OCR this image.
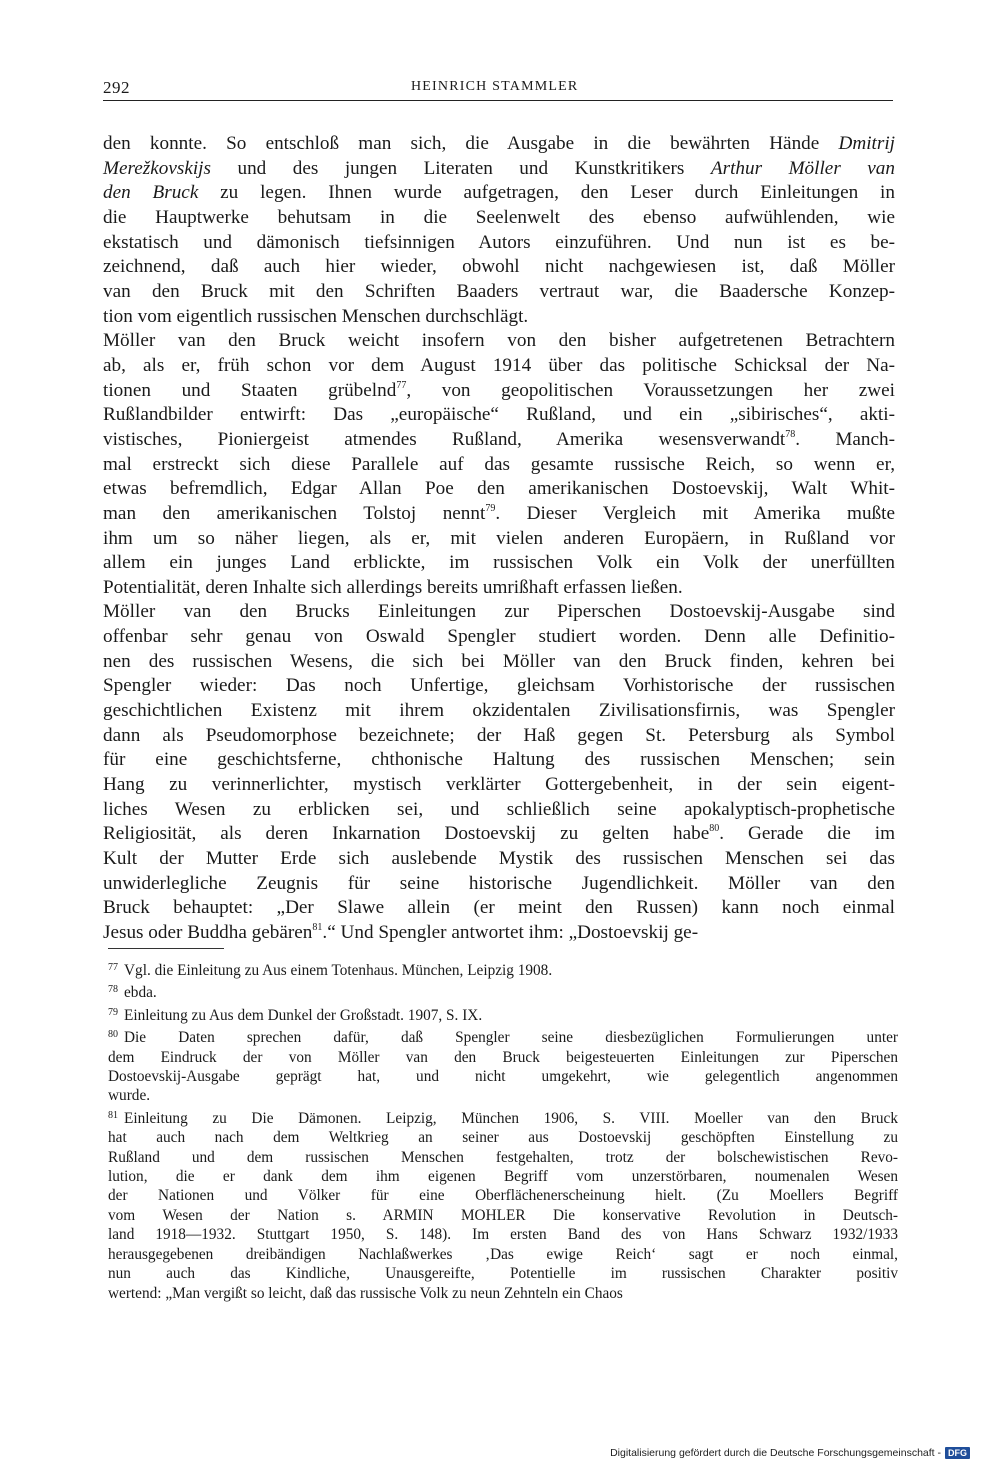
292	HEINRICH STAMMLER
den konnte. So entschloß man sich, die Ausgabe in die bewährten Hände Dmitrij
Merežkovskijs und des jungen Literaten und Kunstkritikers Arthur Möller van
den Bruck zu legen. Ihnen wurde aufgetragen, den Leser durch Einleitungen in
die Hauptwerke behutsam in die Seelenwelt des ebenso aufwühlenden, wie
ekstatisch und dämonisch tiefsinnigen Autors einzuführen. Und nun ist es be-
zeichnend, daß auch hier wieder, obwohl nicht nachgewiesen ist, daß Möller
van den Bruck mit den Schriften Baaders vertraut war, die Baadersche Konzep-
tion vom eigentlich russischen Menschen durchschlägt.
Möller van den Bruck weicht insofern von den bisher aufgetretenen Betrachtern
ab, als er, früh schon vor dem August 1914 über das politische Schicksal der Na-
tionen und Staaten grübelnd$^{77}$, von geopolitischen Voraussetzungen her zwei
Rußlandbilder entwirft: Das „europäische“ Rußland, und ein „sibirisches“, akti-
vistisches, Pioniergeist atmendes Rußland, Amerika wesensverwandt$^{78}$. Manch-
mal erstreckt sich diese Parallele auf das gesamte russische Reich, so wenn er,
etwas befremdlich, Edgar Allan Poe den amerikanischen Dostoevskij, Walt Whit-
man den amerikanischen Tolstoj nennt$^{79}$. Dieser Vergleich mit Amerika mußte
ihm um so näher liegen, als er, mit vielen anderen Europäern, in Rußland vor
allem ein junges Land erblickte, im russischen Volk ein Volk der unerfüllten
Potentialität, deren Inhalte sich allerdings bereits umrißhaft erfassen ließen.
Möller van den Brucks Einleitungen zur Piperschen Dostoevskij-Ausgabe sind
offenbar sehr genau von Oswald Spengler studiert worden. Denn alle Definitio-
nen des russischen Wesens, die sich bei Möller van den Bruck finden, kehren bei
Spengler wieder: Das noch Unfertige, gleichsam Vorhistorische der russischen
geschichtlichen Existenz mit ihrem okzidentalen Zivilisationsfirnis, was Spengler
dann als Pseudomorphose bezeichnete; der Haß gegen St. Petersburg als Symbol
für eine geschichtsferne, chthonische Haltung des russischen Menschen; sein
Hang zu verinnerlichter, mystisch verklärter Gottergebenheit, in der sein eigent-
liches Wesen zu erblicken sei, und schließlich seine apokalyptisch-prophetische
Religiosität, als deren Inkarnation Dostoevskij zu gelten habe$^{80}$. Gerade die im
Kult der Mutter Erde sich auslebende Mystik des russischen Menschen sei das
unwiderlegliche Zeugnis für seine historische Jugendlichkeit. Möller van den
Bruck behauptet: „Der Slawe allein (er meint den Russen) kann noch einmal
Jesus oder Buddha gebären$^{81}$.“ Und Spengler antwortet ihm: „Dostoevskij ge-
$^{77}$ Vgl. die Einleitung zu Aus einem Totenhaus. München, Leipzig 1908.
$^{78}$ ebda.
$^{79}$ Einleitung zu Aus dem Dunkel der Großstadt. 1907, S. IX.
$^{80}$ Die Daten sprechen dafür, daß Spengler seine diesbezüglichen Formulierungen unter
dem Eindruck der von Möller van den Bruck beigesteuerten Einleitungen zur Piperschen
Dostoevskij-Ausgabe geprägt hat, und nicht umgekehrt, wie gelegentlich angenommen
wurde.
$^{81}$ Einleitung zu Die Dämonen. Leipzig, München 1906, S. VIII. Moeller van den Bruck
hat auch nach dem Weltkrieg an seiner aus Dostoevskij geschöpften Einstellung zu
Rußland und dem russischen Menschen festgehalten, trotz der bolschewistischen Revo-
lution, die er dank dem ihm eigenen Begriff vom unzerstörbaren, noumenalen Wesen
der Nationen und Völker für eine Oberflächenerscheinung hielt. (Zu Moellers Begriff
vom Wesen der Nation s. ARMIN MOHLER Die konservative Revolution in Deutsch-
land 1918—1932. Stuttgart 1950, S. 148). Im ersten Band des von Hans Schwarz 1932/1933
herausgegebenen dreibändigen Nachlaßwerkes ‚Das ewige Reich‘ sagt er noch einmal,
nun auch das Kindliche, Unausgereifte, Potentielle im russischen Charakter positiv
wertend: „Man vergißt so leicht, daß das russische Volk zu neun Zehnteln ein Chaos
Digitalisierung gefördert durch die Deutsche Forschungsgemeinschaft - DFG
